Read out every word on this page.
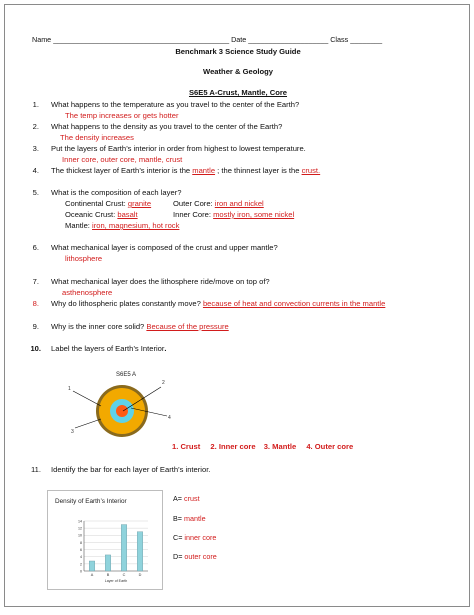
Name ____________________________________________ Date ____________________ Class ________
Benchmark 3 Science Study Guide
Weather & Geology
S6E5 A-Crust, Mantle, Core
1. What happens to the temperature as you travel to the center of the Earth?
The temp increases or gets hotter
2. What happens to the density as you travel to the center of the Earth?
The density increases
3. Put the layers of Earth’s interior in order from highest to lowest temperature.
Inner core, outer core, mantle, crust
4. The thickest layer of Earth’s interior is the mantle ; the thinnest layer is the crust.
5. What is the composition of each layer?
Continental Crust: granite	Outer Core: iron and nickel
Oceanic Crust: basalt	Inner Core: mostly iron, some nickel
Mantle: iron, magnesium, hot rock
6. What mechanical layer is composed of the crust and upper mantle?
lithosphere
7. What mechanical layer does the lithosphere ride/move on top of?
asthenosphere
8. Why do lithospheric plates constantly move? because of heat and convection currents in the mantle
9. Why is the inner core solid? Because of the pressure
10. Label the layers of Earth’s Interior.
S6E5 A
1
2
3
4
1. Crust 2. Inner core 3. Mantle 4. Outer core
11. Identify the bar for each layer of Earth’s interior.
Density of Earth’s Interior
0
2
4
6
8
10
12
14
A	B	C	D
Layer of Earth
A= crust
B= mantle
C= inner core
D= outer core
